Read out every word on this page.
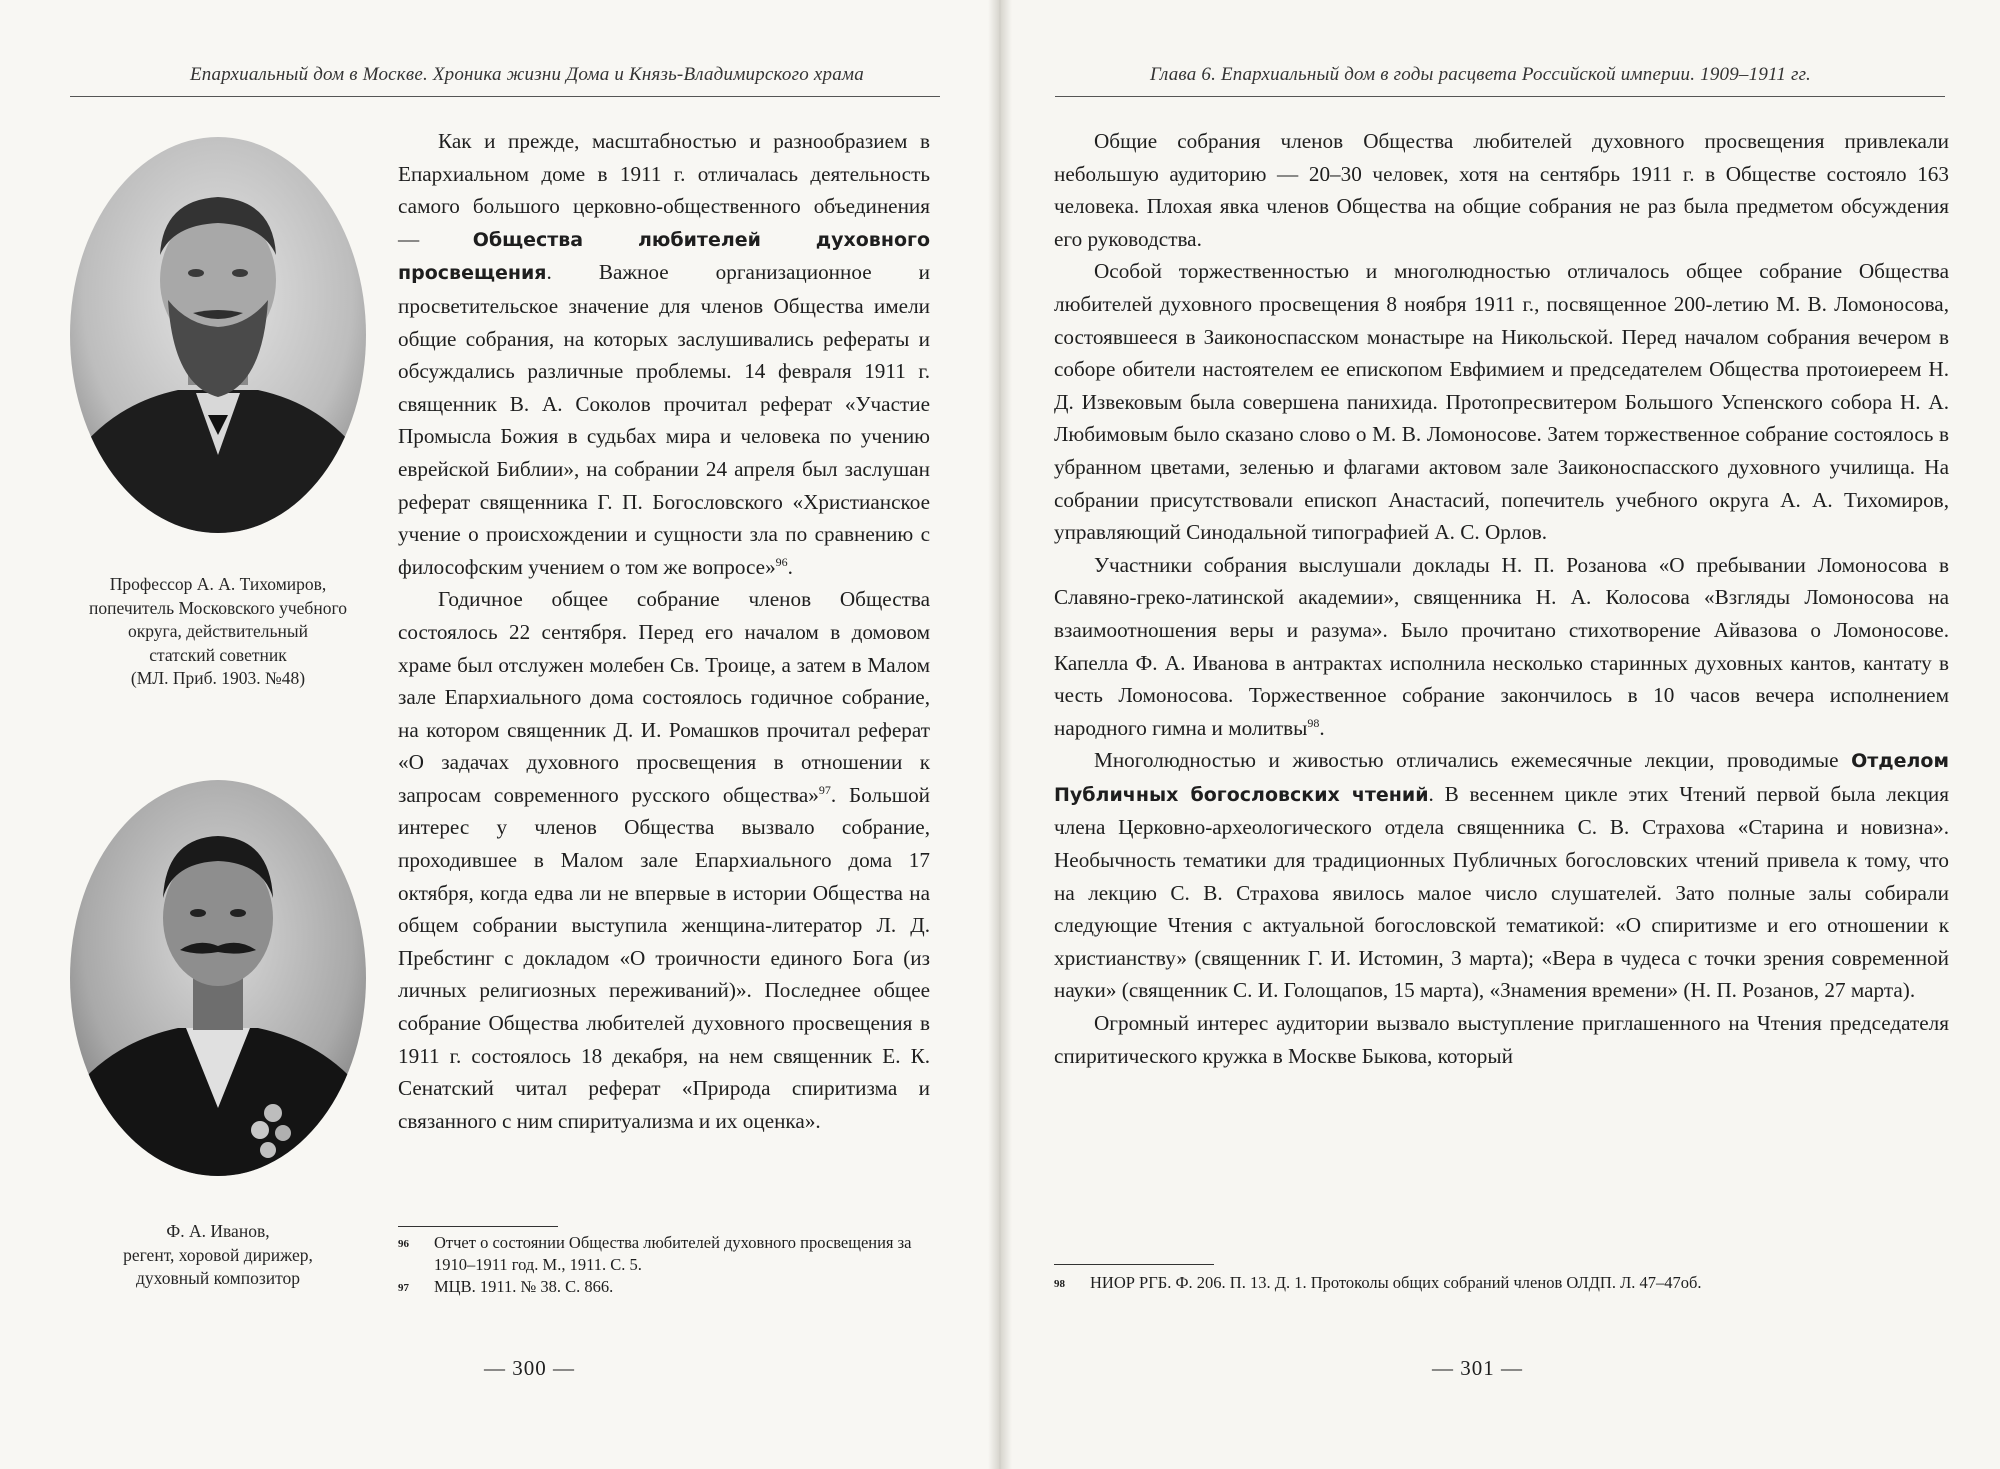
Епархиальный дом в Москве. Хроника жизни Дома и Князь-Владимирского храма
Профессор А. А. Тихомиров,
попечитель Московского учебного
округа, действительный
статский советник
(МЛ. Приб. 1903. №48)
Ф. А. Иванов,
регент, хоровой дирижер,
духовный композитор

Как и прежде, масштабностью и разнообразием в Епархиальном доме в 1911 г. отличалась деятельность самого большого церковно-общественного объединения — Общества любителей духовного просвещения. Важное организационное и просветительское значение для членов Общества имели общие собрания, на которых заслушивались рефераты и обсуждались различные проблемы. 14 февраля 1911 г. священник В. А. Соколов прочитал реферат «Участие Промысла Божия в судьбах мира и человека по учению еврейской Библии», на собрании 24 апреля был заслушан реферат священника Г. П. Богословского «Христианское учение о происхождении и сущности зла по сравнению с философским учением о том же вопросе»$^{96}$.

Годичное общее собрание членов Общества состоялось 22 сентября. Перед его началом в домовом храме был отслужен молебен Св. Троице, а затем в Малом зале Епархиального дома состоялось годичное собрание, на котором священник Д. И. Ромашков прочитал реферат «О задачах духовного просвещения в отношении к запросам современного русского общества»$^{97}$. Большой интерес у членов Общества вызвало собрание, проходившее в Малом зале Епархиального дома 17 октября, когда едва ли не впервые в истории Общества на общем собрании выступила женщина-литератор Л. Д. Пребстинг с докладом «О троичности единого Бога (из личных религиозных переживаний)». Последнее общее собрание Общества любителей духовного просвещения в 1911 г. состоялось 18 декабря, на нем священник Е. К. Сенатский читал реферат «Природа спиритизма и связанного с ним спиритуализма и их оценка».

96	Отчет о состоянии Общества любителей духовного просвещения за 1910–1911 год. М., 1911. С. 5.
97	МЦВ. 1911. № 38. С. 866.
— 300 —
Глава 6. Епархиальный дом в годы расцвета Российской империи. 1909–1911 гг.

Общие собрания членов Общества любителей духовного просвещения привлекали небольшую аудиторию — 20–30 человек, хотя на сентябрь 1911 г. в Обществе состояло 163 человека. Плохая явка членов Общества на общие собрания не раз была предметом обсуждения его руководства.

Особой торжественностью и многолюдностью отличалось общее собрание Общества любителей духовного просвещения 8 ноября 1911 г., посвященное 200-летию М. В. Ломоносова, состоявшееся в Заиконоспасском монастыре на Никольской. Перед началом собрания вечером в соборе обители настоятелем ее епископом Евфимием и председателем Общества протоиереем Н. Д. Извековым была совершена панихида. Протопресвитером Большого Успенского собора Н. А. Любимовым было сказано слово о М. В. Ломоносове. Затем торжественное собрание состоялось в убранном цветами, зеленью и флагами актовом зале Заиконоспасского духовного училища. На собрании присутствовали епископ Анастасий, попечитель учебного округа А. А. Тихомиров, управляющий Синодальной типографией А. С. Орлов.

Участники собрания выслушали доклады Н. П. Розанова «О пребывании Ломоносова в Славяно-греко-латинской академии», священника Н. А. Колосова «Взгляды Ломоносова на взаимоотношения веры и разума». Было прочитано стихотворение Айвазова о Ломоносове. Капелла Ф. А. Иванова в антрактах исполнила несколько старинных духовных кантов, кантату в честь Ломоносова. Торжественное собрание закончилось в 10 часов вечера исполнением народного гимна и молитвы$^{98}$.

Многолюдностью и живостью отличались ежемесячные лекции, проводимые Отделом Публичных богословских чтений. В весеннем цикле этих Чтений первой была лекция члена Церковно-археологического отдела священника С. В. Страхова «Старина и новизна». Необычность тематики для традиционных Публичных богословских чтений привела к тому, что на лекцию С. В. Страхова явилось малое число слушателей. Зато полные залы собирали следующие Чтения с актуальной богословской тематикой: «О спиритизме и его отношении к христианству» (священник Г. И. Истомин, 3 марта); «Вера в чудеса с точки зрения современной науки» (священник С. И. Голощапов, 15 марта), «Знамения времени» (Н. П. Розанов, 27 марта).

Огромный интерес аудитории вызвало выступление приглашенного на Чтения председателя спиритического кружка в Москве Быкова, который

98	НИОР РГБ. Ф. 206. П. 13. Д. 1. Протоколы общих собраний членов ОЛДП. Л. 47–47об.
— 301 —
